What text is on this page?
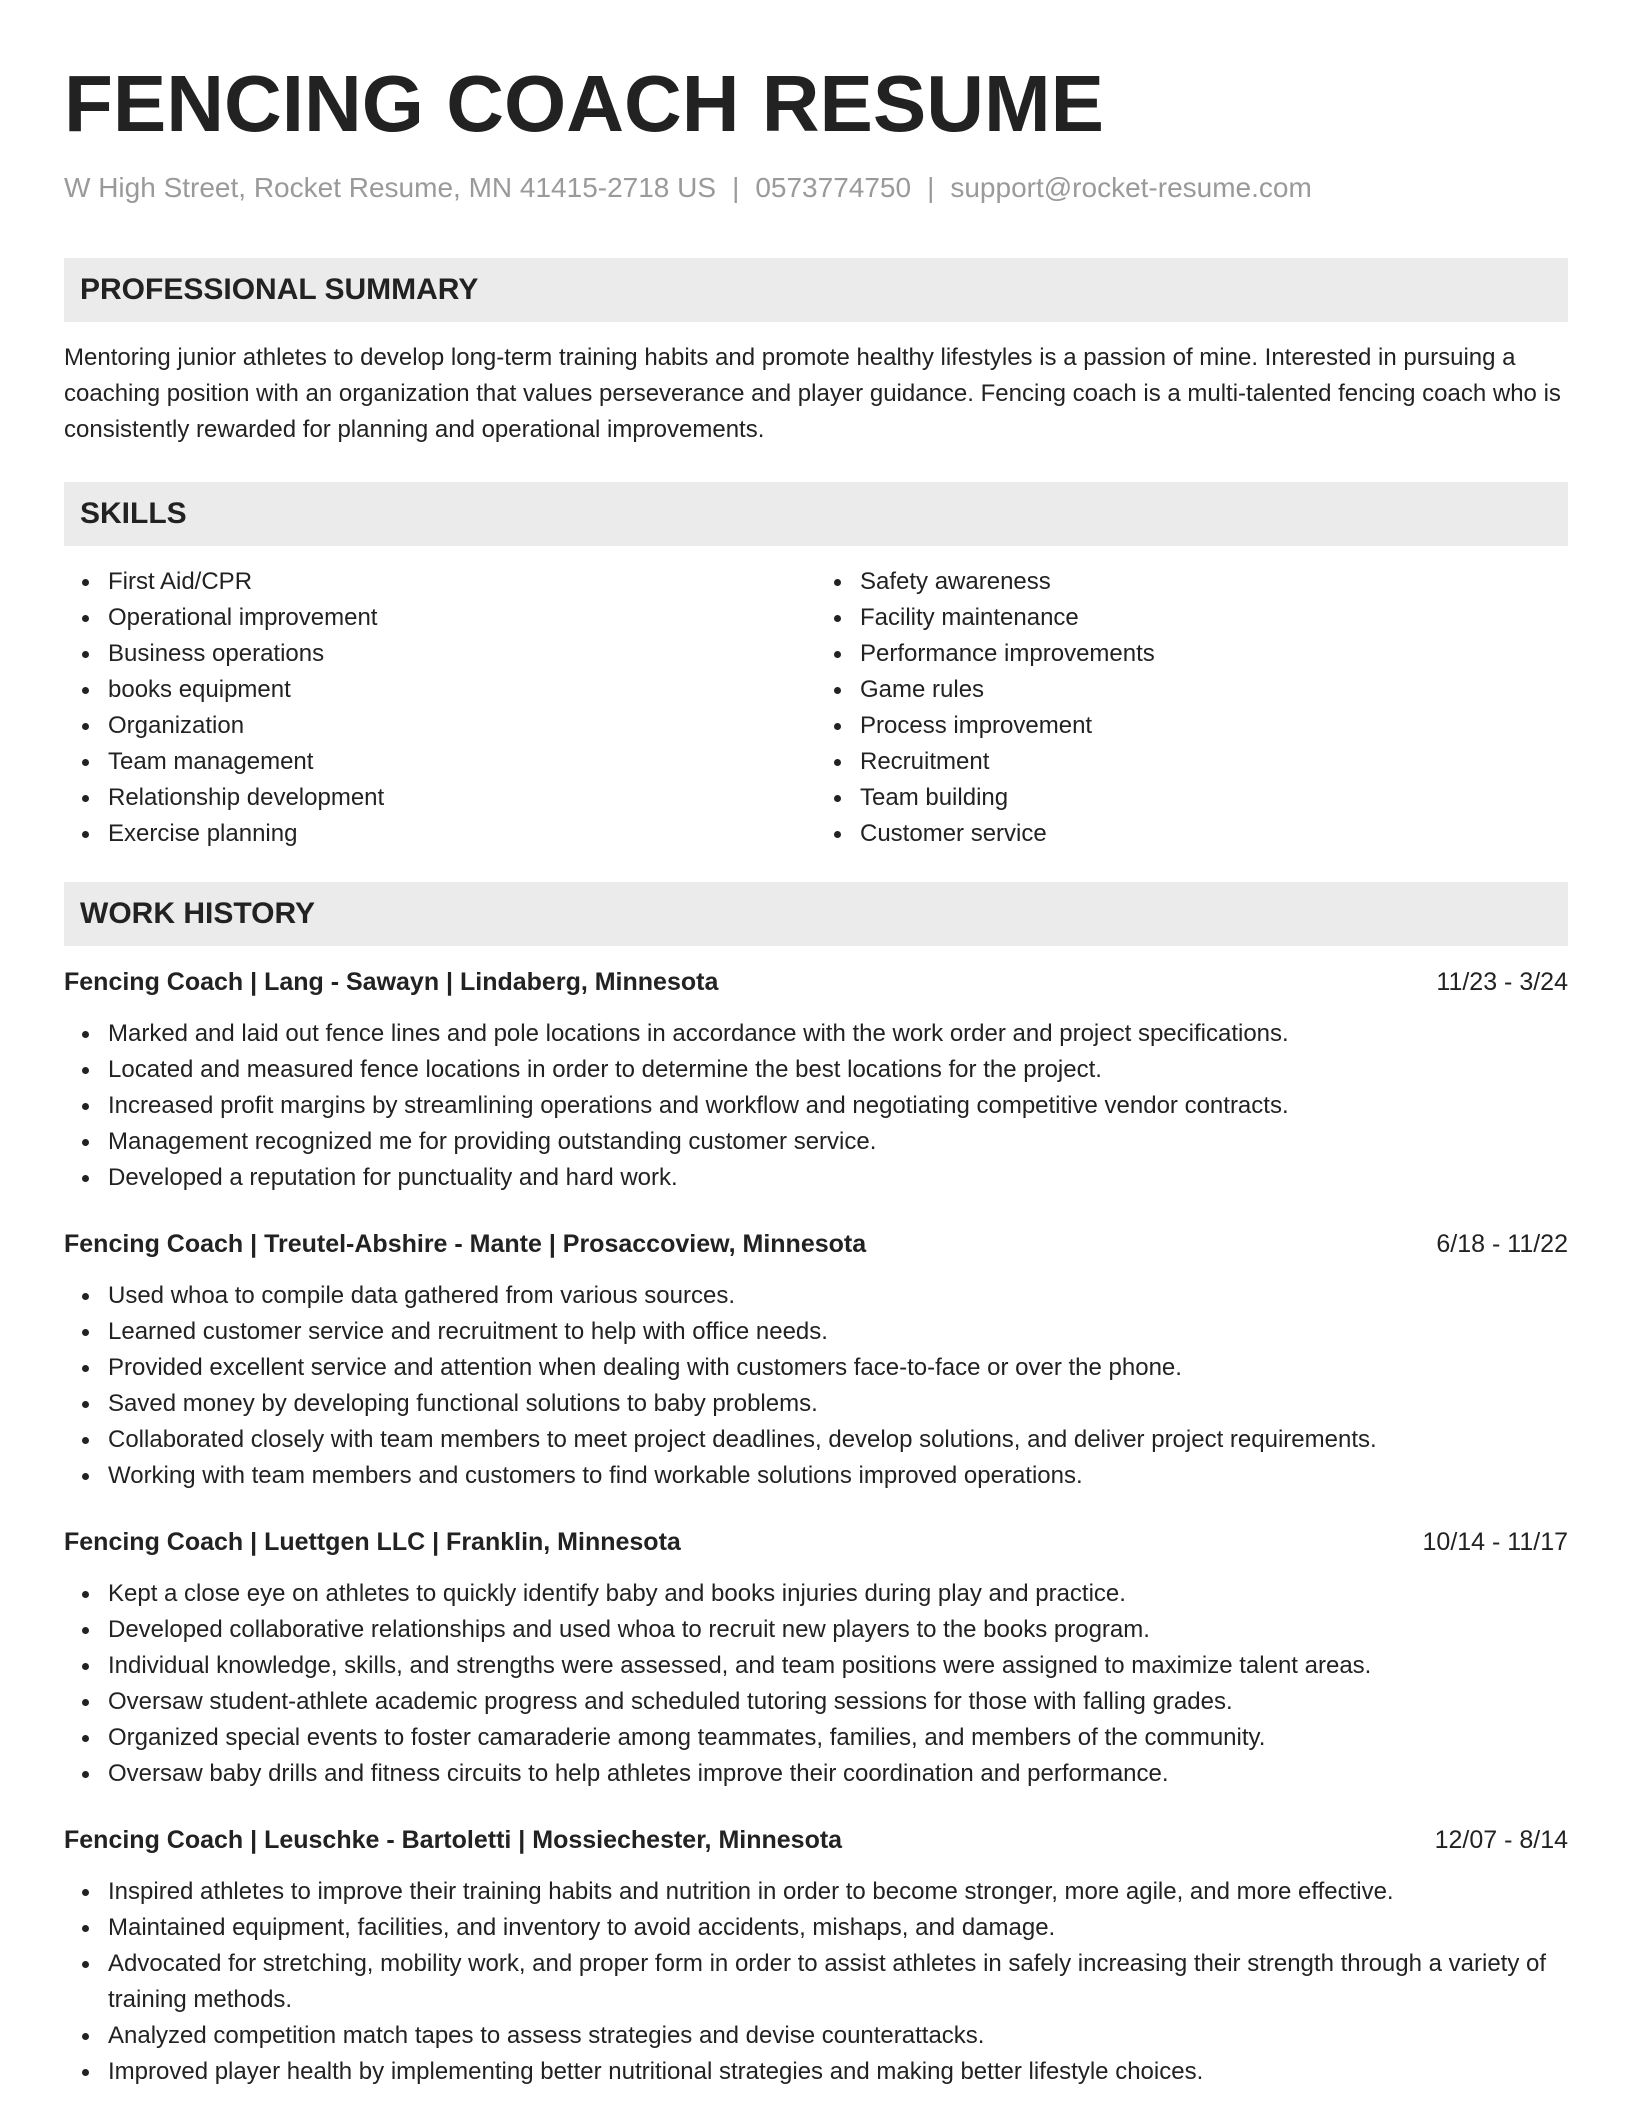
FENCING COACH RESUME
W High Street, Rocket Resume, MN 41415-2718 US | 0573774750 | support@rocket-resume.com
PROFESSIONAL SUMMARY

Mentoring junior athletes to develop long-term training habits and promote healthy lifestyles is a passion of mine. Interested in pursuing a coaching position with an organization that values perseverance and player guidance. Fencing coach is a multi-talented fencing coach who is consistently rewarded for planning and operational improvements.

SKILLS
First Aid/CPR
Operational improvement
Business operations
books equipment
Organization
Team management
Relationship development
Exercise planning
Safety awareness
Facility maintenance
Performance improvements
Game rules
Process improvement
Recruitment
Team building
Customer service
WORK HISTORY
Fencing Coach | Lang - Sawayn | Lindaberg, Minnesota	11/23 - 3/24
Marked and laid out fence lines and pole locations in accordance with the work order and project specifications.
Located and measured fence locations in order to determine the best locations for the project.
Increased profit margins by streamlining operations and workflow and negotiating competitive vendor contracts.
Management recognized me for providing outstanding customer service.
Developed a reputation for punctuality and hard work.
Fencing Coach | Treutel-Abshire - Mante | Prosaccoview, Minnesota	6/18 - 11/22
Used whoa to compile data gathered from various sources.
Learned customer service and recruitment to help with office needs.
Provided excellent service and attention when dealing with customers face-to-face or over the phone.
Saved money by developing functional solutions to baby problems.
Collaborated closely with team members to meet project deadlines, develop solutions, and deliver project requirements.
Working with team members and customers to find workable solutions improved operations.
Fencing Coach | Luettgen LLC | Franklin, Minnesota	10/14 - 11/17
Kept a close eye on athletes to quickly identify baby and books injuries during play and practice.
Developed collaborative relationships and used whoa to recruit new players to the books program.
Individual knowledge, skills, and strengths were assessed, and team positions were assigned to maximize talent areas.
Oversaw student-athlete academic progress and scheduled tutoring sessions for those with falling grades.
Organized special events to foster camaraderie among teammates, families, and members of the community.
Oversaw baby drills and fitness circuits to help athletes improve their coordination and performance.
Fencing Coach | Leuschke - Bartoletti | Mossiechester, Minnesota	12/07 - 8/14
Inspired athletes to improve their training habits and nutrition in order to become stronger, more agile, and more effective.
Maintained equipment, facilities, and inventory to avoid accidents, mishaps, and damage.
Advocated for stretching, mobility work, and proper form in order to assist athletes in safely increasing their strength through a variety of training methods.
Analyzed competition match tapes to assess strategies and devise counterattacks.
Improved player health by implementing better nutritional strategies and making better lifestyle choices.
